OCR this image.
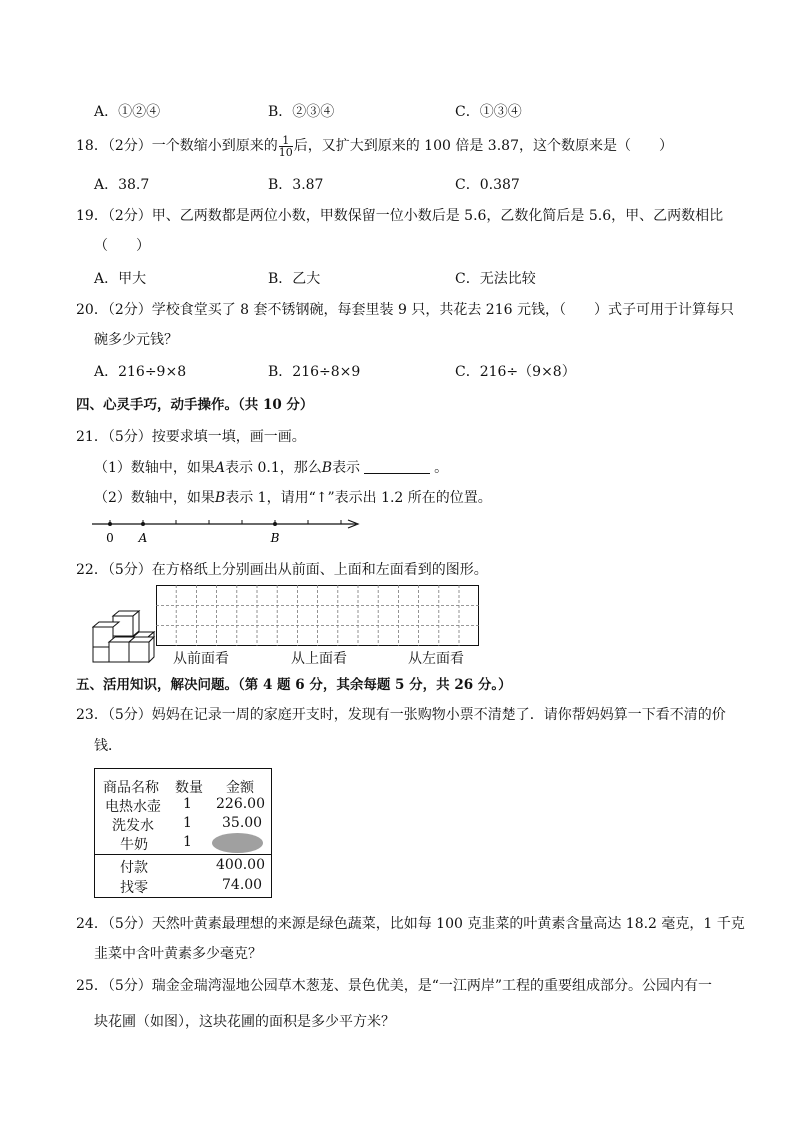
A．①②④	B．②③④	C．①③④
18．（2分）一个数缩小到原来的 $\frac{1}{10}$ 后，又扩大到原来的 100 倍是 3.87，这个数原来是（　　）
A．38.7	B．3.87	C．0.387
19．（2分）甲、乙两数都是两位小数，甲数保留一位小数后是 5.6，乙数化简后是 5.6，甲、乙两数相比
（　　）
A．甲大	B．乙大	C．无法比较
20．（2分）学校食堂买了 8 套不锈钢碗，每套里装 9 只，共花去 216 元钱，（　　）式子可用于计算每只
碗多少元钱？
A．216÷9×8	B．216÷8×9	C．216÷（9×8）
四、心灵手巧，动手操作。（共 10 分）
21．（5分）按要求填一填，画一画。
（1）数轴中，如果A表示 0.1，那么B表示	。
（2）数轴中，如果B表示 1，请用“↑”表示出 1.2 所在的位置。
0 A	B
22．（5分）在方格纸上分别画出从前面、上面和左面看到的图形。
从前面看	从上面看	从左面看
五、活用知识，解决问题。（第 4 题 6 分，其余每题 5 分，共 26 分。）
23．（5分）妈妈在记录一周的家庭开支时，发现有一张购物小票不清楚了．请你帮妈妈算一下看不清的价
钱．
商品名称 数量 金额
电热水壶 1 226.00
洗发水 1 35.00
牛奶	1
付款	400.00
找零	74.00
24．（5分）天然叶黄素最理想的来源是绿色蔬菜，比如每 100 克韭菜的叶黄素含量高达 18.2 毫克，1 千克
韭菜中含叶黄素多少毫克？
25．（5分）瑞金金瑞湾湿地公园草木葱茏、景色优美，是“一江两岸”工程的重要组成部分。公园内有一
块花圃（如图），这块花圃的面积是多少平方米？
